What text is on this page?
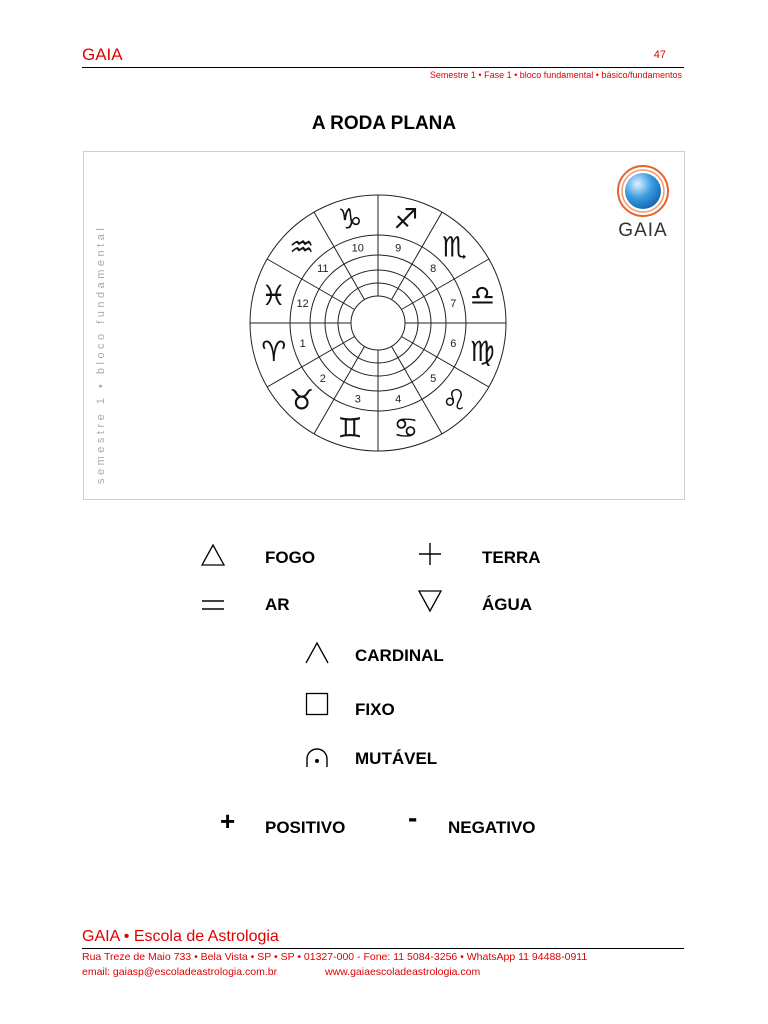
GAIA	47
Semestre 1 • Fase 1 • bloco fundamental • básico/fundamentos
A RODA PLANA
semestre 1 • bloco fundamental	GAIA
1
2
3	4
5
6
7
8
9
10
11
12
♑ ♐
♏
♎
♍
♌
♋
♊
♉
♈
♓
♒
FOGO	TERRA
AR	ÁGUA
CARDINAL
FIXO
MUTÁVEL
+ POSITIVO - NEGATIVO
GAIA • Escola de Astrologia
Rua Treze de Maio 733 • Bela Vista • SP • SP • 01327-000 - Fone: 11 5084-3256 • WhatsApp 11 94488-0911
email: gaiasp@escoladeastrologia.com.br	www.gaiaescoladeastrologia.com
